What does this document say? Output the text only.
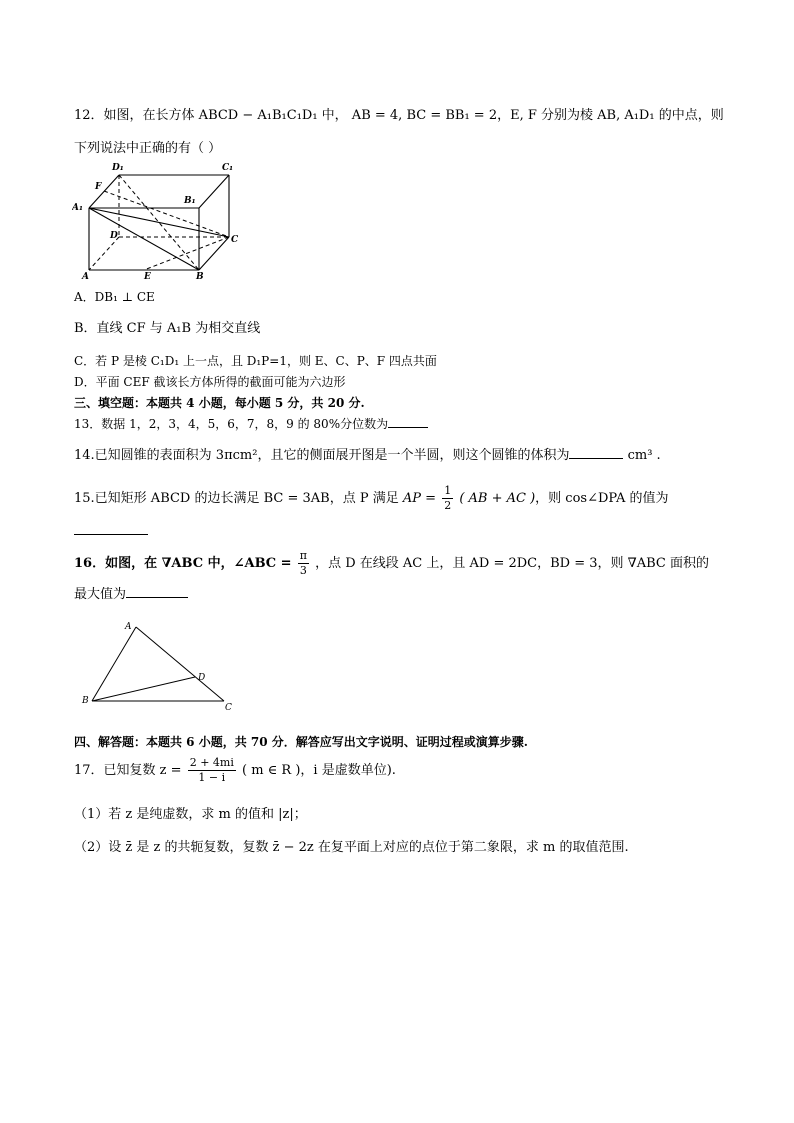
12．如图，在长方体 ABCD − A₁B₁C₁D₁ 中， AB = 4, BC = BB₁ = 2，E, F 分别为棱 AB, A₁D₁ 的中点，则
下列说法中正确的有（ ）
D₁	C₁
F
A₁
B₁
D	C
A	E	B
A．DB₁ ⊥ CE
B．直线 CF 与 A₁B 为相交直线
C．若 P 是棱 C₁D₁ 上一点，且 D₁P=1，则 E、C、P、F 四点共面
D．平面 CEF 截该长方体所得的截面可能为六边形
三、填空题：本题共 4 小题，每小题 5 分，共 20 分.
13．数据 1，2，3，4，5，6，7，8，9 的 80%分位数为
14.已知圆锥的表面积为 3πcm²，且它的侧面展开图是一个半圆，则这个圆锥的体积为	cm³ .
15.已知矩形 ABCD 的边长满足 BC = 3AB，点 P 满足 AP = $\frac{1}{2}$ ( AB + AC )，则 cos∠DPA 的值为
16．如图，在 ∇ABC 中，∠ABC = $\frac{\pi}{3}$ ，点 D 在线段 AC 上，且 AD = 2DC，BD = 3，则 ∇ABC 面积的
最大值为
A
B
C
D
四、解答题：本题共 6 小题，共 70 分．解答应写出文字说明、证明过程或演算步骤.
17．已知复数 $z = \frac{2 + 4mi}{1 - i}$ ( m ∈ R )，i 是虚数单位).
（1）若 z 是纯虚数，求 m 的值和 |z|；
（2）设 z̄ 是 z 的共轭复数，复数 z̄ − 2z 在复平面上对应的点位于第二象限，求 m 的取值范围.
